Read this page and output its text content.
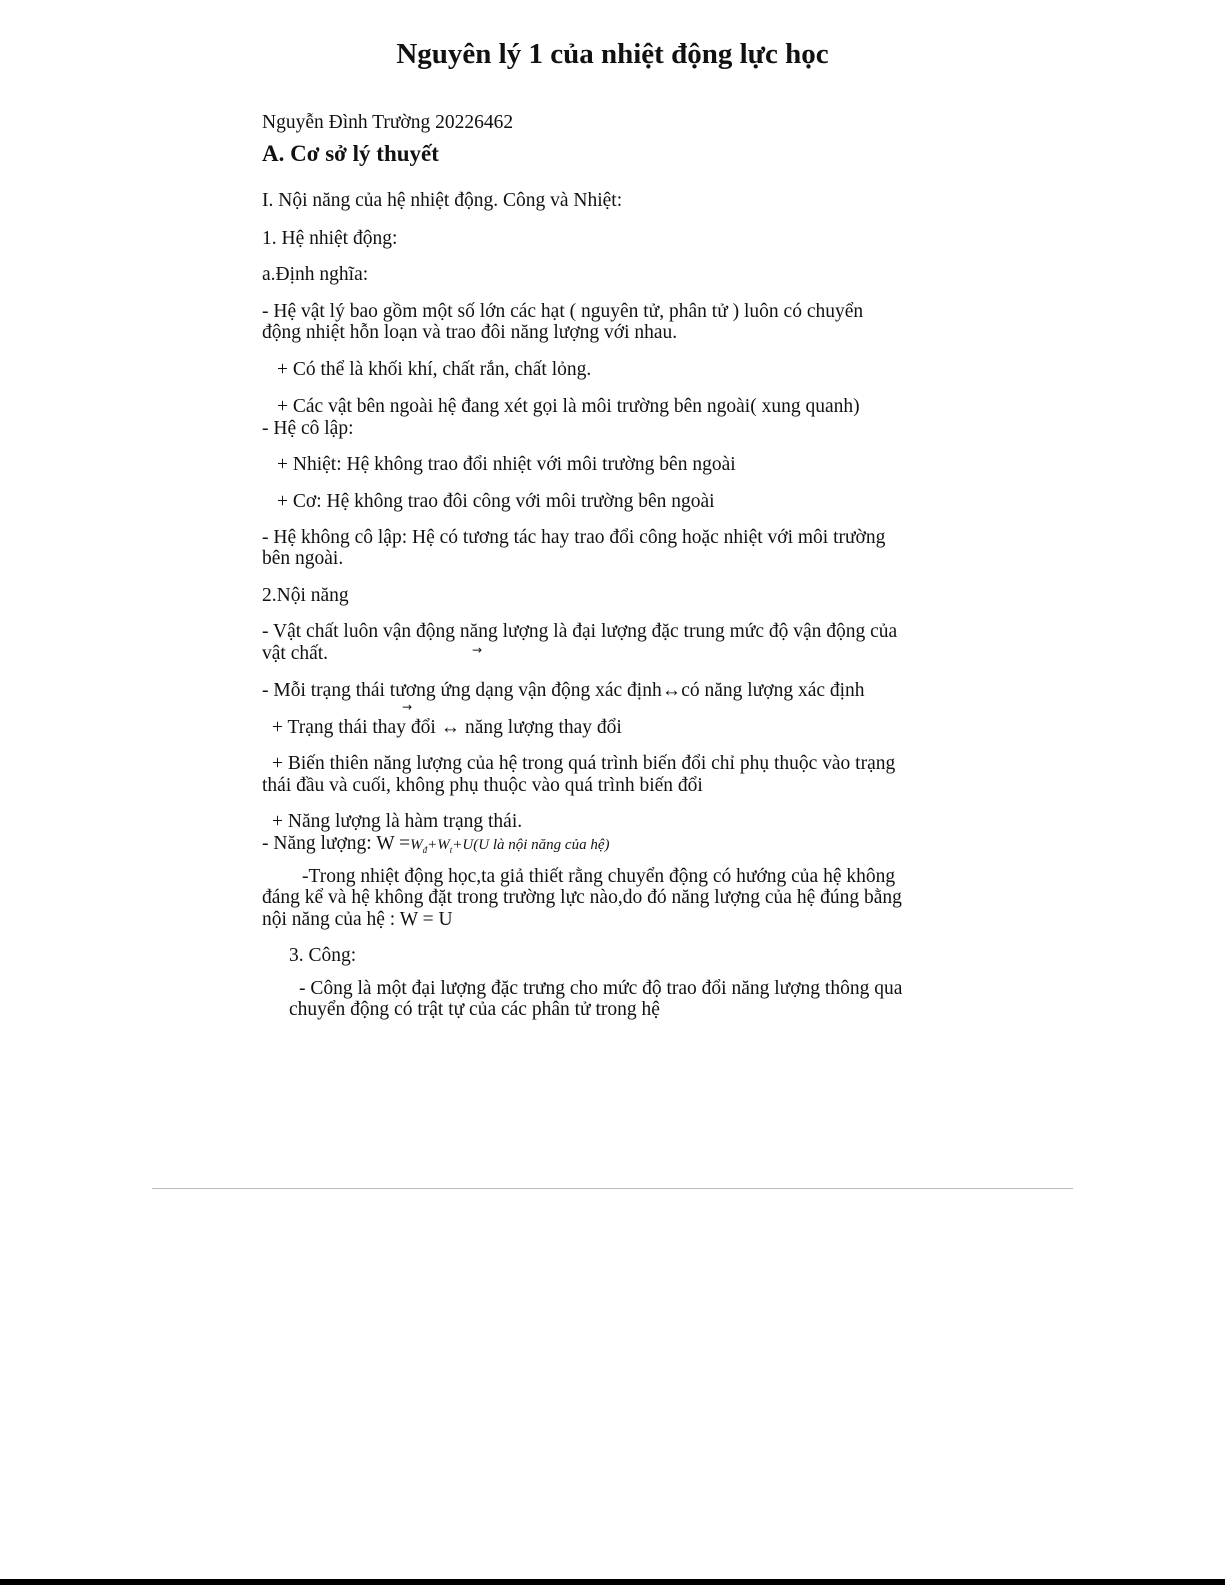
Nguyên lý 1 của nhiệt động lực học
Nguyễn Đình Trường 20226462
A. Cơ sở lý thuyết
I. Nội năng của hệ nhiệt động. Công và Nhiệt:
1. Hệ nhiệt động:
a.Định nghĩa:
- Hệ vật lý bao gồm một số lớn các hạt ( nguyên tử, phân tử ) luôn có chuyển
động nhiệt hỗn loạn và trao đôi năng lượng với nhau.
+ Có thể là khối khí, chất rắn, chất lỏng.
+ Các vật bên ngoài hệ đang xét gọi là môi trường bên ngoài( xung quanh)
- Hệ cô lập:
+ Nhiệt: Hệ không trao đổi nhiệt với môi trường bên ngoài
+ Cơ: Hệ không trao đôi công với môi trường bên ngoài
- Hệ không cô lập: Hệ có tương tác hay trao đổi công hoặc nhiệt với môi trường
bên ngoài.
2.Nội năng
- Vật chất luôn vận động năng lượng là đại lượng đặc trung mức độ vận động của
vật chất.	→
- Mỗi trạng thái tương ứng dạng vận động xác định↔có năng lượng xác định
→
+ Trạng thái thay đổi ↔ năng lượng thay đổi
+ Biến thiên năng lượng của hệ trong quá trình biến đổi chỉ phụ thuộc vào trạng
thái đầu và cuối, không phụ thuộc vào quá trình biến đổi
+ Năng lượng là hàm trạng thái.
- Năng lượng: $W =W_đ+W_t+U(U$ là nội năng của hệ)
-Trong nhiệt động học,ta giả thiết rằng chuyển động có hướng của hệ không
đáng kể và hệ không đặt trong trường lực nào,do đó năng lượng của hệ đúng bằng
nội năng của hệ : W = U
3. Công:
- Công là một đại lượng đặc trưng cho mức độ trao đổi năng lượng thông qua
chuyển động có trật tự của các phân tử trong hệ
